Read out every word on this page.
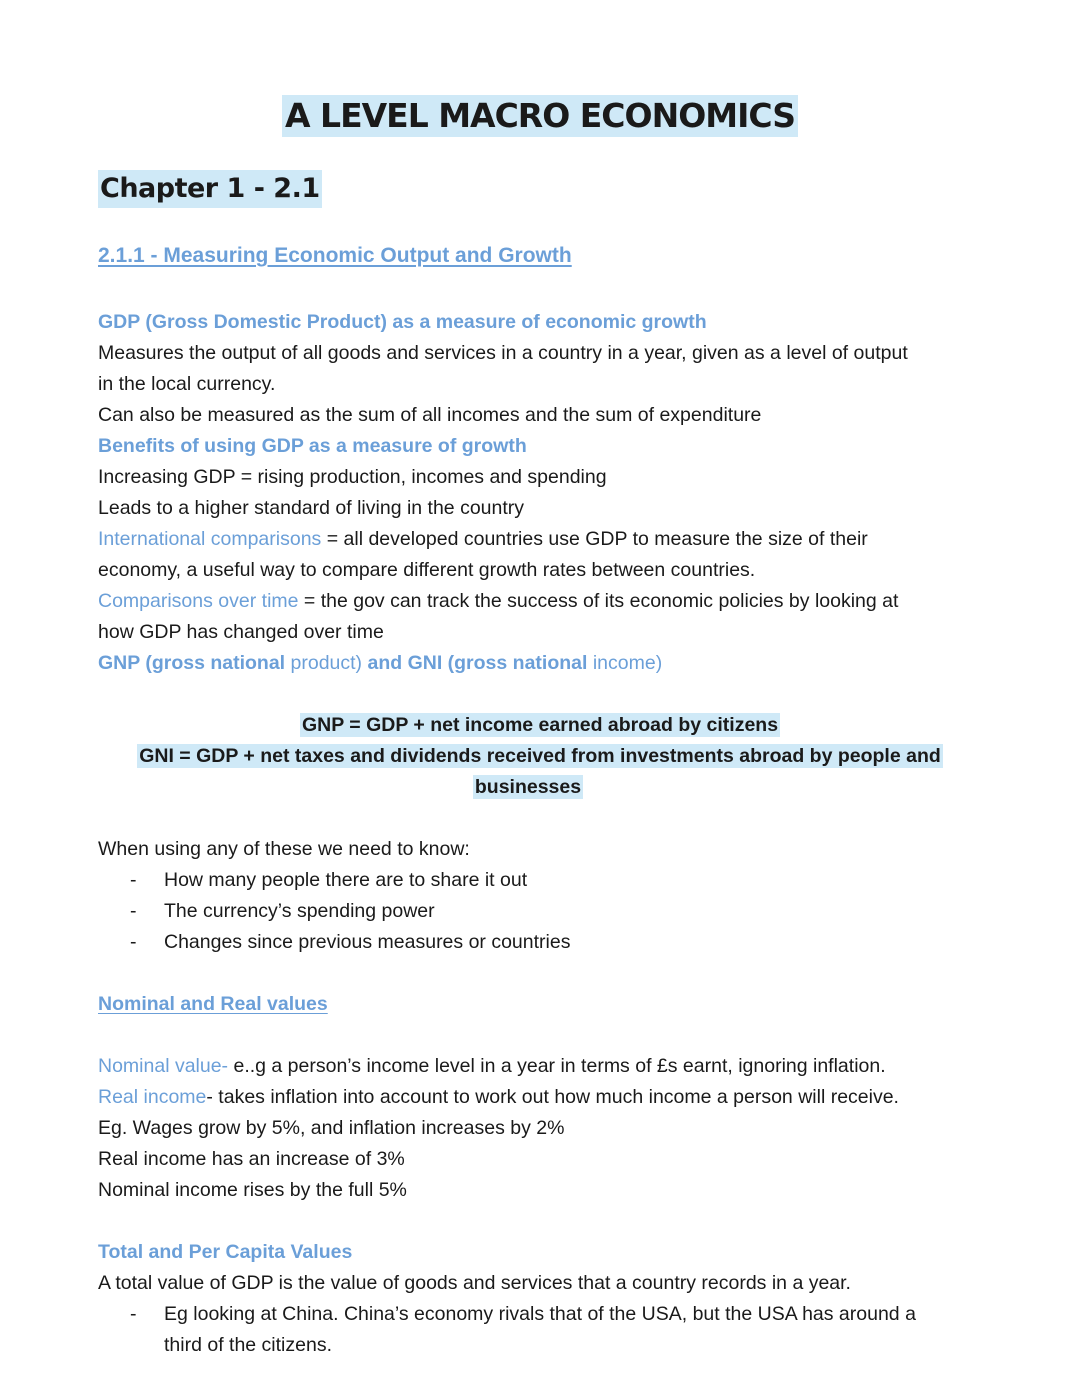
A LEVEL MACRO ECONOMICS
Chapter 1 - 2.1
2.1.1 - Measuring Economic Output and Growth
GDP (Gross Domestic Product) as a measure of economic growth
Measures the output of all goods and services in a country in a year, given as a level of output
in the local currency.
Can also be measured as the sum of all incomes and the sum of expenditure
Benefits of using GDP as a measure of growth
Increasing GDP = rising production, incomes and spending
Leads to a higher standard of living in the country
International comparisons = all developed countries use GDP to measure the size of their
economy, a useful way to compare different growth rates between countries.
Comparisons over time = the gov can track the success of its economic policies by looking at
how GDP has changed over time
GNP (gross national product) and GNI (gross national income)
GNP = GDP + net income earned abroad by citizens
GNI = GDP + net taxes and dividends received from investments abroad by people and
businesses
When using any of these we need to know:
- How many people there are to share it out
- The currency’s spending power
- Changes since previous measures or countries
Nominal and Real values
Nominal value- e..g a person’s income level in a year in terms of £s earnt, ignoring inflation.
Real income- takes inflation into account to work out how much income a person will receive.
Eg. Wages grow by 5%, and inflation increases by 2%
Real income has an increase of 3%
Nominal income rises by the full 5%
Total and Per Capita Values
A total value of GDP is the value of goods and services that a country records in a year.
- Eg looking at China. China’s economy rivals that of the USA, but the USA has around a
third of the citizens.
